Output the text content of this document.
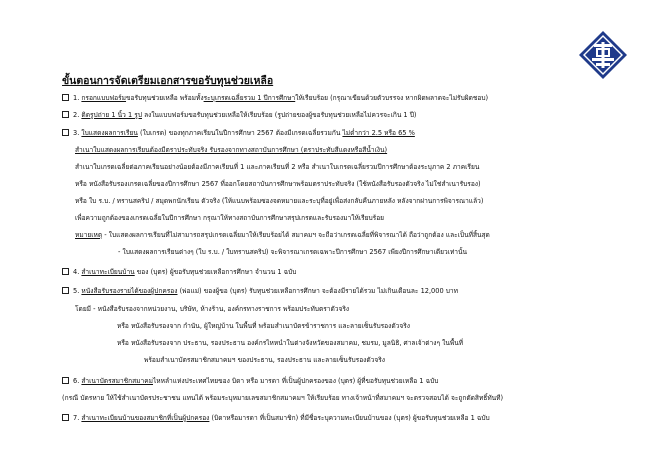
ขั้นตอนการจัดเตรียมเอกสารขอรับทุนช่วยเหลือ
1. กรอกแบบฟอร์มขอรับทุนช่วยเหลือ พร้อมทั้งระบุเกรดเฉลี่ยรวม 1 ปีการศึกษาให้เรียบร้อย (กรุณาเขียนด้วยตัวบรรจง หากผิดพลาดจะไม่รับผิดชอบ)
2. ติดรูปถ่าย 1 นิ้ว 1 รูป ลงในแบบฟอร์มขอรับทุนช่วยเหลือให้เรียบร้อย (รูปถ่ายของผู้ขอรับทุนช่วยเหลือไม่ควรจะเกิน 1 ปี)
3. ใบแสดงผลการเรียน (ใบเกรด) ของทุกภาคเรียนในปีการศึกษา 2567 ต้องมีเกรดเฉลี่ยรวมกัน ไม่ต่ำกว่า 2.5 หรือ 65 %
สำเนาใบแสดงผลการเรียนต้องมีตราประทับจริง รับรองจากทางสถาบันการศึกษา (ตราประทับสีแดงหรือสีน้ำเงิน)
สำเนาใบเกรดเฉลี่ยต่อภาคเรียนอย่างน้อยต้องมีภาคเรียนที่ 1 และภาคเรียนที่ 2 หรือ สำเนาใบเกรดเฉลี่ยรวมปีการศึกษาต้องระบุภาค 2 ภาคเรียน
หรือ หนังสือรับรองเกรดเฉลี่ยของปีการศึกษา 2567 ที่ออกโดยสถาบันการศึกษาพร้อมตราประทับจริง (ใช้หนังสือรับรองตัวจริง ไม่ใช่สำเนารับรอง)
หรือ ใบ ร.บ. / ทรานสคริป / สมุดพกนักเรียน ตัวจริง (ให้แนบพร้อมซองจดหมายและระบุที่อยู่เพื่อส่งกลับคืนภายหลัง หลังจากผ่านการพิจารณาแล้ว)
เพื่อความถูกต้องของเกรดเฉลี่ยในปีการศึกษา กรุณาให้ทางสถาบันการศึกษาสรุปเกรดและรับรองมาให้เรียบร้อย
หมายเหตุ - ใบแสดงผลการเรียนที่ไม่สามารถสรุปเกรดเฉลี่ยมาให้เรียบร้อยได้ สมาคมฯ จะถือว่าเกรดเฉลี่ยที่พิจารณาได้ ถือว่าถูกต้อง และเป็นที่สิ้นสุด
- ใบแสดงผลการเรียนต่างๆ (ใบ ร.บ. / ใบทรานสคริป) จะพิจารณาเกรดเฉพาะปีการศึกษา 2567 เพียงปีการศึกษาเดียวเท่านั้น
4. สำเนาทะเบียนบ้าน ของ (บุตร) ผู้ขอรับทุนช่วยเหลือการศึกษา จำนวน 1 ฉบับ
5. หนังสือรับรองรายได้ของผู้ปกครอง (พ่อแม่) ของผู้ขอ (บุตร) รับทุนช่วยเหลือการศึกษา จะต้องมีรายได้รวม ไม่เกินเดือนละ 12,000 บาท
โดยมี - หนังสือรับรองจากหน่วยงาน, บริษัท, ห้างร้าน, องค์กรทางราชการ พร้อมประทับตราตัวจริง
หรือ หนังสือรับรองจาก กำนัน, ผู้ใหญ่บ้าน ในพื้นที่ พร้อมสำเนาบัตรข้าราชการ และลายเซ็นรับรองตัวจริง
หรือ หนังสือรับรองจาก ประธาน, รองประธาน องค์กรไหหนำในต่างจังหวัดของสมาคม, ชมรม, มูลนิธิ, ศาลเจ้าต่างๆ ในพื้นที่
พร้อมสำเนาบัตรสมาชิกสมาคมฯ ของประธาน, รองประธาน และลายเซ็นรับรองตัวจริง
6. สำเนาบัตรสมาชิกสมาคมไหหลำแห่งประเทศไทยของ บิดา หรือ มารดา ที่เป็นผู้ปกครองของ (บุตร) ผู้ที่ขอรับทุนช่วยเหลือ 1 ฉบับ
(กรณี บัตรหาย ให้ใช้สำเนาบัตรประชาชน แทนได้ พร้อมระบุหมายเลขสมาชิกสมาคมฯ ให้เรียบร้อย ทางเจ้าหน้าที่สมาคมฯ จะตรวจสอบได้ จะถูกตัดสิทธิ์ทันที)
7. สำเนาทะเบียนบ้านของสมาชิกที่เป็นผู้ปกครอง (บิดาหรือมารดา ที่เป็นสมาชิก) ที่มีชื่อระบุความทะเบียนบ้านของ (บุตร) ผู้ขอรับทุนช่วยเหลือ 1 ฉบับ
